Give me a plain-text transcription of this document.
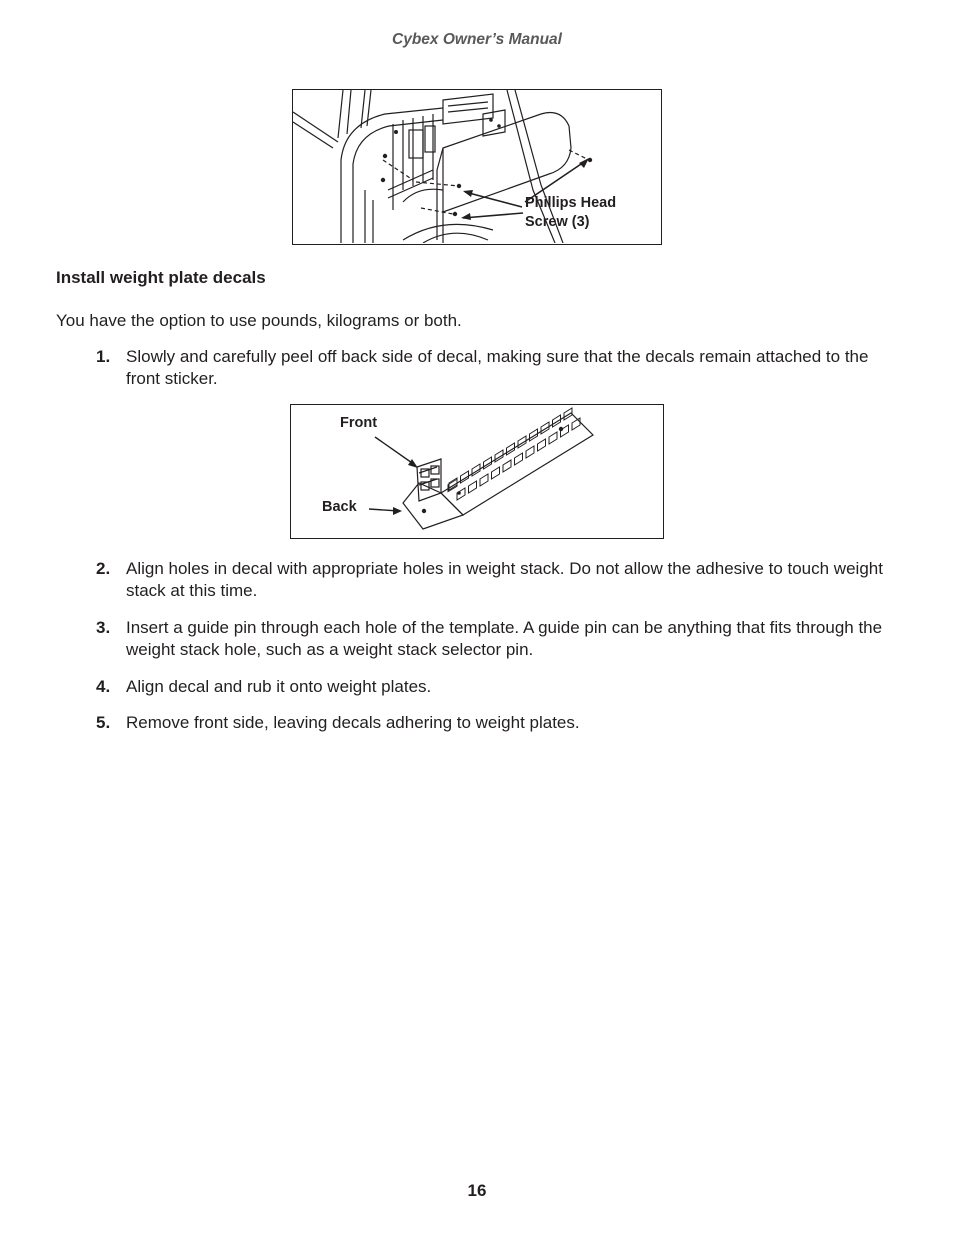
Cybex Owner’s Manual
Phillips Head
Screw (3)
Install weight plate decals
You have the option to use pounds, kilograms or both.
1. Slowly and carefully peel off back side of decal, making sure that the decals remain attached to the front sticker.
Front
Back
2. Align holes in decal with appropriate holes in weight stack. Do not allow the adhesive to touch weight stack at this time.
3. Insert a guide pin through each hole of the template. A guide pin can be anything that fits through the weight stack hole, such as a weight stack selector pin.
4. Align decal and rub it onto weight plates.
5. Remove front side, leaving decals adhering to weight plates.
16
